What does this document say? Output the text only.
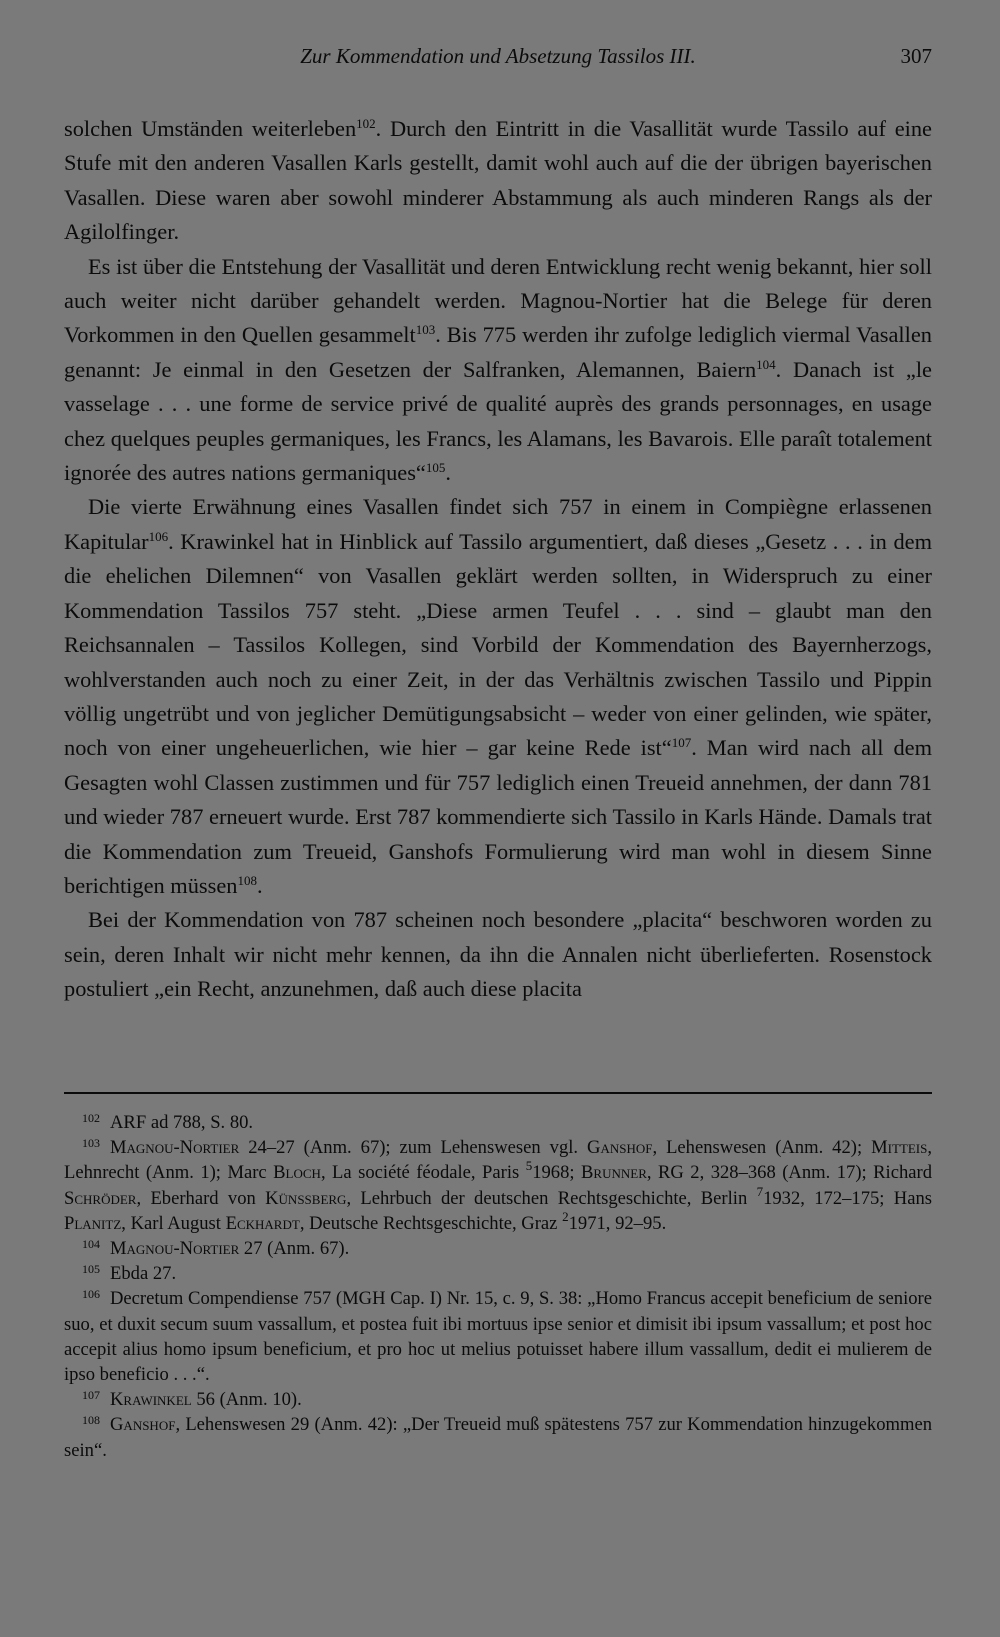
Zur Kommendation und Absetzung Tassilos III.	307

solchen Umständen weiterleben$^{102}$. Durch den Eintritt in die Vasallität wurde Tassilo auf eine Stufe mit den anderen Vasallen Karls gestellt, damit wohl auch auf die der übrigen bayerischen Vasallen. Diese waren aber sowohl minderer Abstammung als auch minderen Rangs als der Agilolfinger.

Es ist über die Entstehung der Vasallität und deren Entwicklung recht wenig bekannt, hier soll auch weiter nicht darüber gehandelt werden. Magnou-Nortier hat die Belege für deren Vorkommen in den Quellen gesammelt$^{103}$. Bis 775 werden ihr zufolge lediglich viermal Vasallen genannt: Je einmal in den Gesetzen der Salfranken, Alemannen, Baiern$^{104}$. Danach ist „le vasselage . . . une forme de service privé de qualité auprès des grands personnages, en usage chez quelques peuples germaniques, les Francs, les Alamans, les Bavarois. Elle paraît totalement ignorée des autres nations germaniques“$^{105}$.

Die vierte Erwähnung eines Vasallen findet sich 757 in einem in Compiègne erlassenen Kapitular$^{106}$. Krawinkel hat in Hinblick auf Tassilo argumentiert, daß dieses „Gesetz . . . in dem die ehelichen Dilemnen“ von Vasallen geklärt werden sollten, in Widerspruch zu einer Kommendation Tassilos 757 steht. „Diese armen Teufel . . . sind – glaubt man den Reichsannalen – Tassilos Kollegen, sind Vorbild der Kommendation des Bayernherzogs, wohlverstanden auch noch zu einer Zeit, in der das Verhältnis zwischen Tassilo und Pippin völlig ungetrübt und von jeglicher Demütigungsabsicht – weder von einer gelinden, wie später, noch von einer ungeheuerlichen, wie hier – gar keine Rede ist“$^{107}$. Man wird nach all dem Gesagten wohl Classen zustimmen und für 757 lediglich einen Treueid annehmen, der dann 781 und wieder 787 erneuert wurde. Erst 787 kommendierte sich Tassilo in Karls Hände. Damals trat die Kommendation zum Treueid, Ganshofs Formulierung wird man wohl in diesem Sinne berichtigen müssen$^{108}$.

Bei der Kommendation von 787 scheinen noch besondere „placita“ beschworen worden zu sein, deren Inhalt wir nicht mehr kennen, da ihn die Annalen nicht überlieferten. Rosenstock postuliert „ein Recht, anzunehmen, daß auch diese placita

$^{102}$ ARF ad 788, S. 80.

$^{103}$ Magnou-Nortier 24–27 (Anm. 67); zum Lehenswesen vgl. Ganshof, Lehenswesen (Anm. 42); Mitteis, Lehnrecht (Anm. 1); Marc Bloch, La société féodale, Paris $^5$1968; Brunner, RG 2, 328–368 (Anm. 17); Richard Schröder, Eberhard von Künssberg, Lehrbuch der deutschen Rechtsgeschichte, Berlin $^7$1932, 172–175; Hans Planitz, Karl August Eckhardt, Deutsche Rechtsgeschichte, Graz $^2$1971, 92–95.

$^{104}$ Magnou-Nortier 27 (Anm. 67).

$^{105}$ Ebda 27.

$^{106}$ Decretum Compendiense 757 (MGH Cap. I) Nr. 15, c. 9, S. 38: „Homo Francus accepit beneficium de seniore suo, et duxit secum suum vassallum, et postea fuit ibi mortuus ipse senior et dimisit ibi ipsum vassallum; et post hoc accepit alius homo ipsum beneficium, et pro hoc ut melius potuisset habere illum vassallum, dedit ei mulierem de ipso beneficio . . .“.

$^{107}$ Krawinkel 56 (Anm. 10).

$^{108}$ Ganshof, Lehenswesen 29 (Anm. 42): „Der Treueid muß spätestens 757 zur Kommendation hinzugekommen sein“.
